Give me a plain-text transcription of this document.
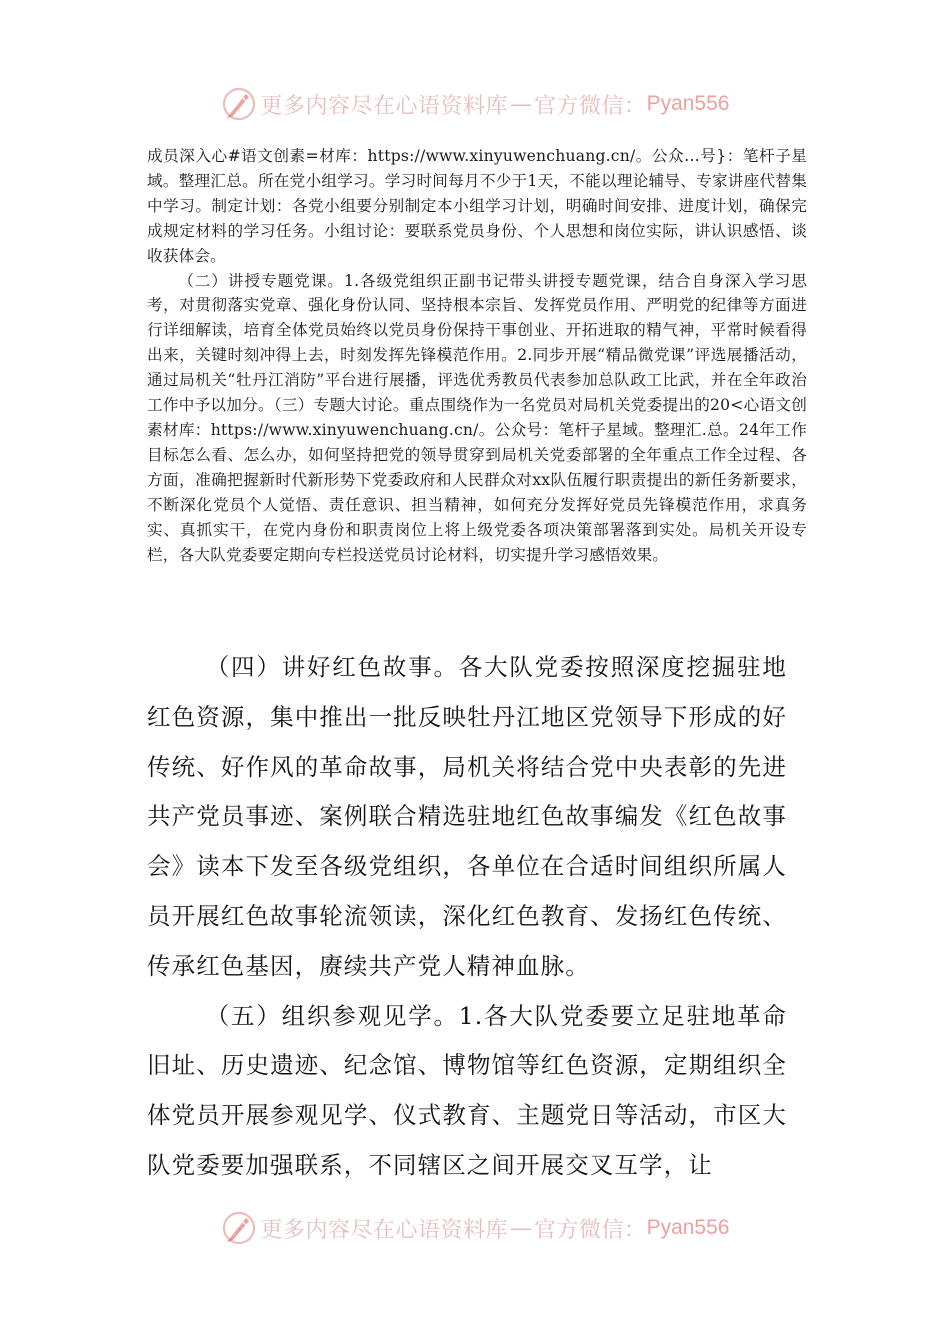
更多内容尽在心语资料库 — 官方微信： Pyan556

成员深入心#语文创素=材库：https://www.xinyuwenchuang.cn/。公众…号}：笔杆子星域。整理汇总。所在党小组学习。学习时间每月不少于1天，不能以理论辅导、专家讲座代替集中学习。制定计划：各党小组要分别制定本小组学习计划，明确时间安排、进度计划，确保完成规定材料的学习任务。小组讨论：要联系党员身份、个人思想和岗位实际，讲认识感悟、谈收获体会。

（二）讲授专题党课。1.各级党组织正副书记带头讲授专题党课，结合自身深入学习思考，对贯彻落实党章、强化身份认同、坚持根本宗旨、发挥党员作用、严明党的纪律等方面进行详细解读，培育全体党员始终以党员身份保持干事创业、开拓进取的精气神，平常时候看得出来，关键时刻冲得上去，时刻发挥先锋模范作用。2.同步开展“精品微党课”评选展播活动，通过局机关“牡丹江消防”平台进行展播，评选优秀教员代表参加总队政工比武，并在全年政治工作中予以加分。（三）专题大讨论。重点围绕作为一名党员对局机关党委提出的20<心语文创素材库：https://www.xinyuwenchuang.cn/。公众号：笔杆子星域。整理汇.总。24年工作目标怎么看、怎么办，如何坚持把党的领导贯穿到局机关党委部署的全年重点工作全过程、各方面，准确把握新时代新形势下党委政府和人民群众对xx队伍履行职责提出的新任务新要求，不断深化党员个人觉悟、责任意识、担当精神，如何充分发挥好党员先锋模范作用，求真务实、真抓实干，在党内身份和职责岗位上将上级党委各项决策部署落到实处。局机关开设专栏，各大队党委要定期向专栏投送党员讨论材料，切实提升学习感悟效果。

（四）讲好红色故事。各大队党委按照深度挖掘驻地红色资源，集中推出一批反映牡丹江地区党领导下形成的好传统、好作风的革命故事，局机关将结合党中央表彰的先进共产党员事迹、案例联合精选驻地红色故事编发《红色故事会》读本下发至各级党组织，各单位在合适时间组织所属人员开展红色故事轮流领读，深化红色教育、发扬红色传统、传承红色基因，赓续共产党人精神血脉。

（五）组织参观见学。1.各大队党委要立足驻地革命旧址、历史遗迹、纪念馆、博物馆等红色资源，定期组织全体党员开展参观见学、仪式教育、主题党日等活动，市区大队党委要加强联系，不同辖区之间开展交叉互学，让

更多内容尽在心语资料库 — 官方微信： Pyan556
